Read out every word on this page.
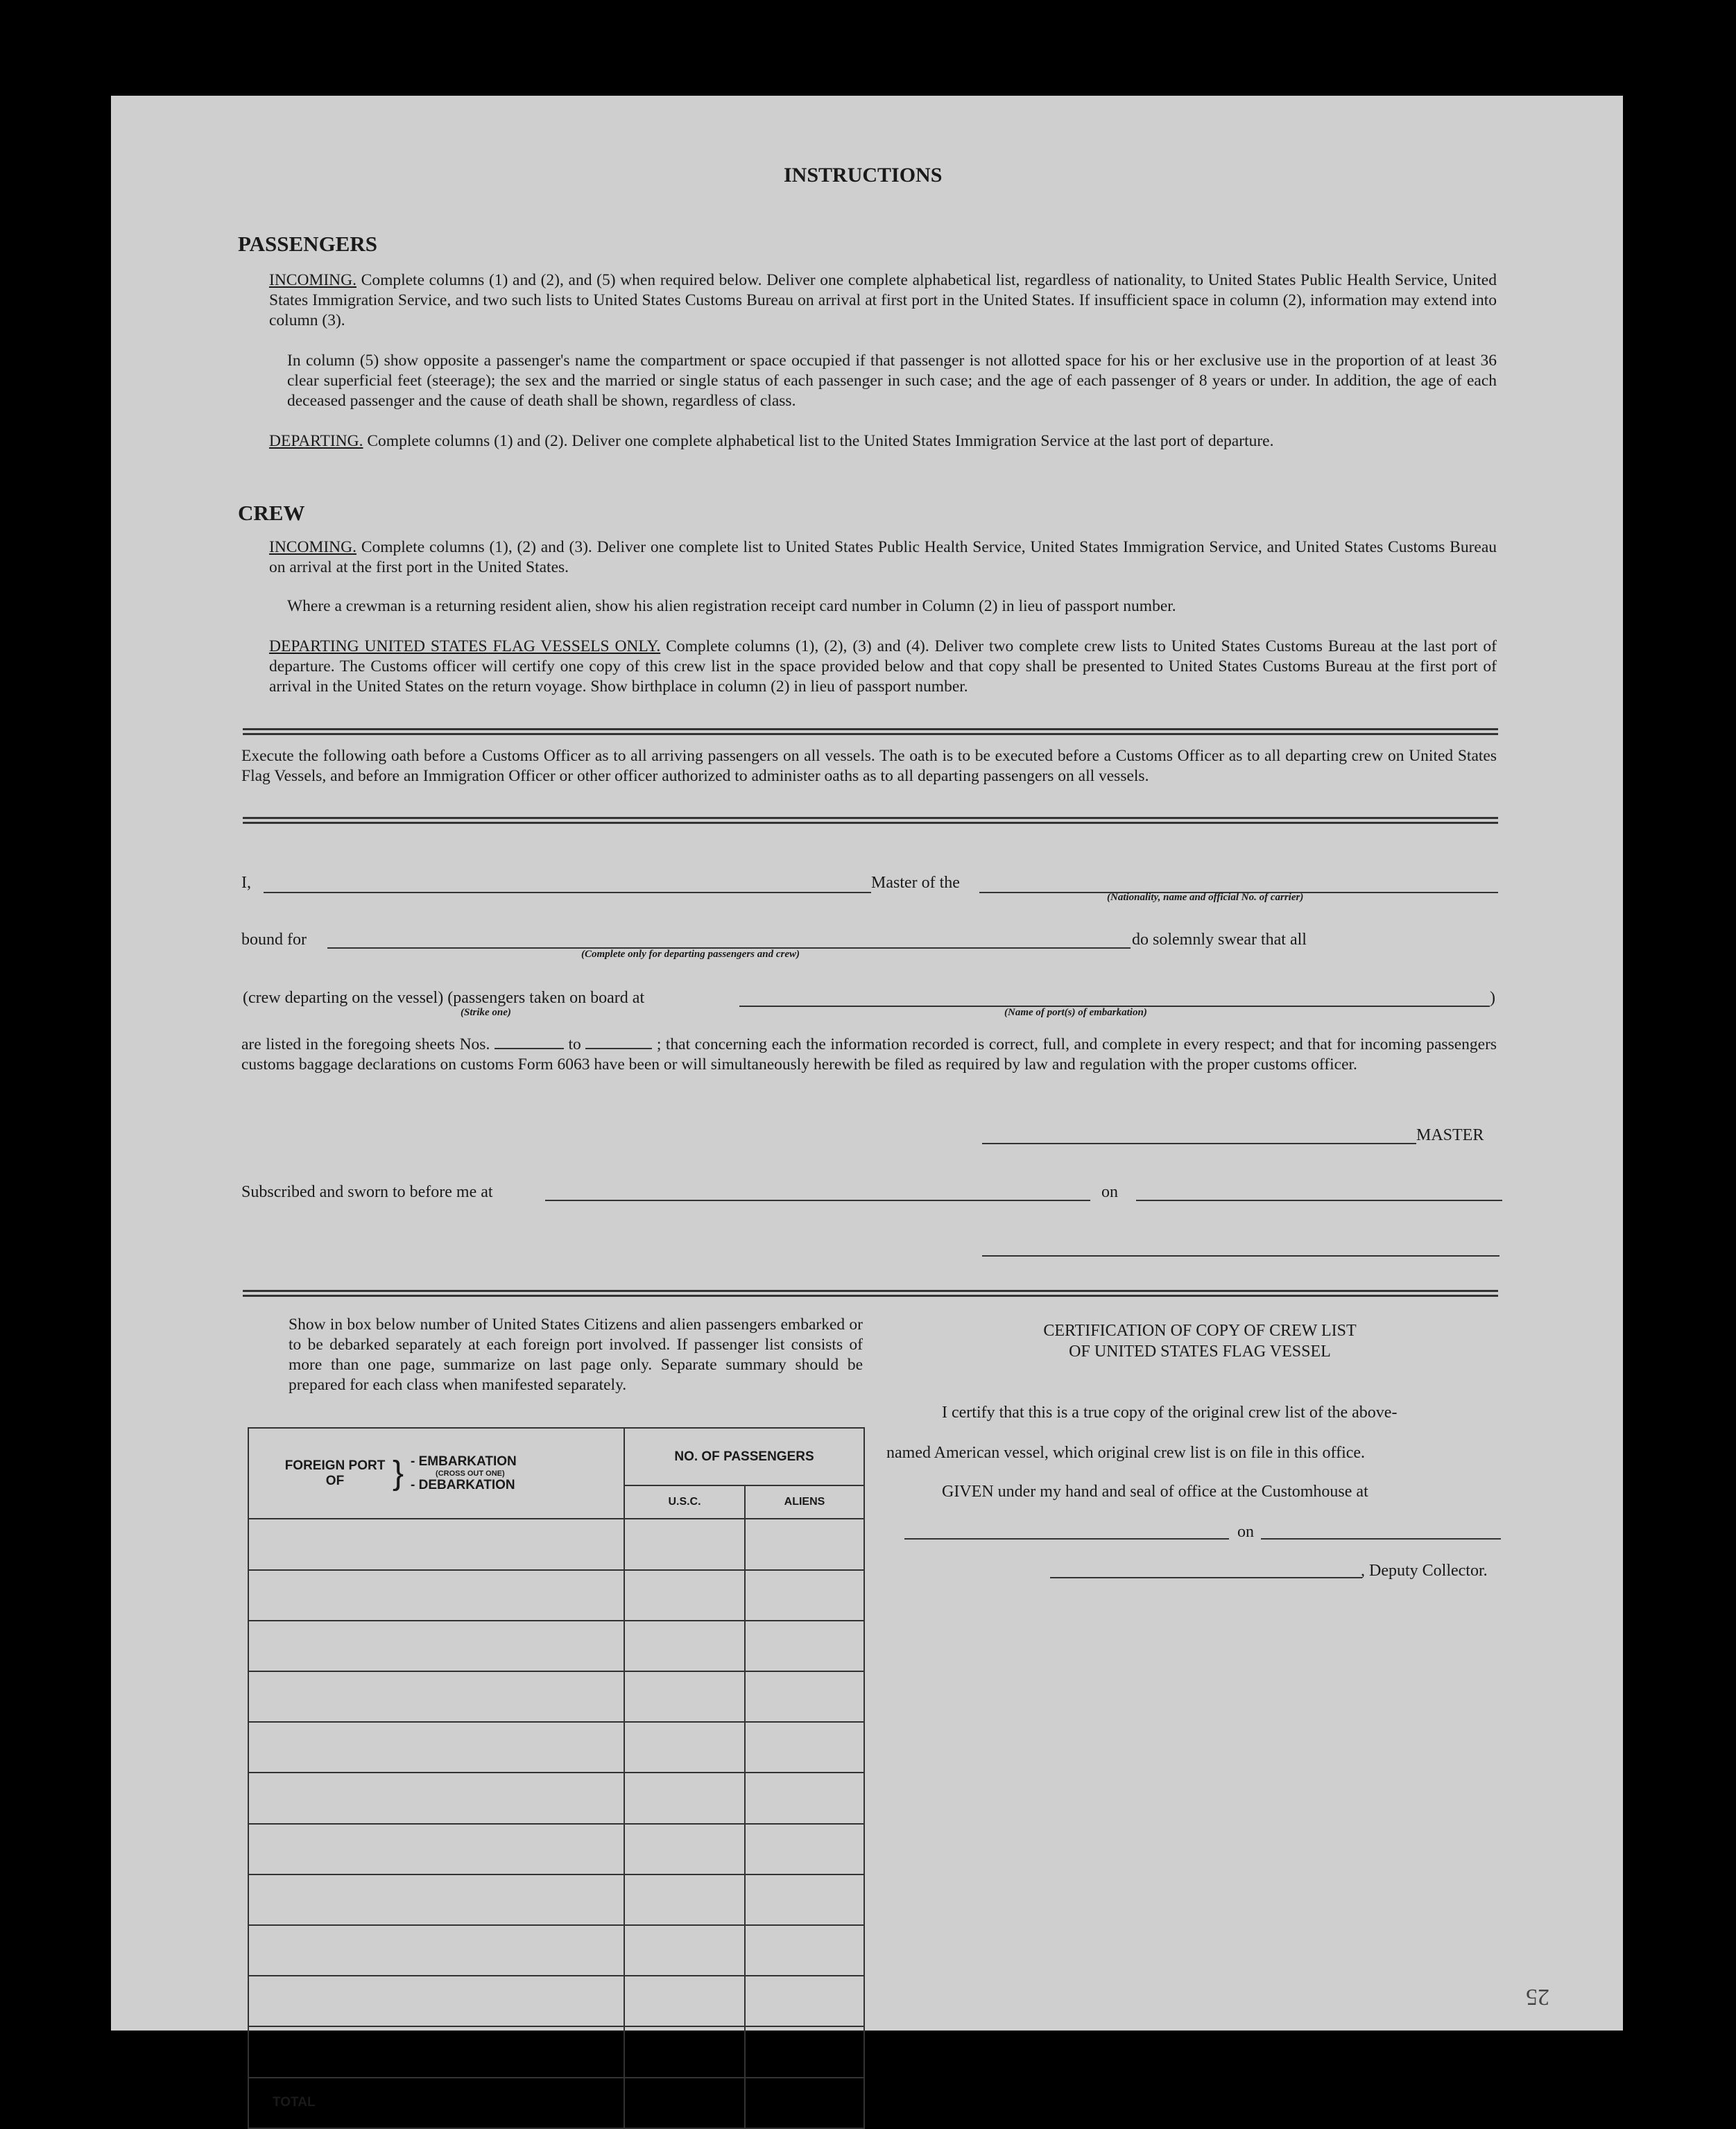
INSTRUCTIONS
PASSENGERS
INCOMING. Complete columns (1) and (2), and (5) when required below. Deliver one complete alphabetical list, regardless of nationality, to United States Public Health Service, United States Immigration Service, and two such lists to United States Customs Bureau on arrival at first port in the United States. If insufficient space in column (2), information may extend into column (3).
In column (5) show opposite a passenger's name the compartment or space occupied if that passenger is not allotted space for his or her exclusive use in the proportion of at least 36 clear superficial feet (steerage); the sex and the married or single status of each passenger in such case; and the age of each passenger of 8 years or under. In addition, the age of each deceased passenger and the cause of death shall be shown, regardless of class.
DEPARTING. Complete columns (1) and (2). Deliver one complete alphabetical list to the United States Immigration Service at the last port of departure.
CREW
INCOMING. Complete columns (1), (2) and (3). Deliver one complete list to United States Public Health Service, United States Immigration Service, and United States Customs Bureau on arrival at the first port in the United States.
Where a crewman is a returning resident alien, show his alien registration receipt card number in Column (2) in lieu of passport number.
DEPARTING UNITED STATES FLAG VESSELS ONLY. Complete columns (1), (2), (3) and (4). Deliver two complete crew lists to United States Customs Bureau at the last port of departure. The Customs officer will certify one copy of this crew list in the space provided below and that copy shall be presented to United States Customs Bureau at the first port of arrival in the United States on the return voyage. Show birthplace in column (2) in lieu of passport number.
Execute the following oath before a Customs Officer as to all arriving passengers on all vessels. The oath is to be executed before a Customs Officer as to all departing crew on United States Flag Vessels, and before an Immigration Officer or other officer authorized to administer oaths as to all departing passengers on all vessels.
I,	Master of the
(Nationality, name and official No. of carrier)
bound for	do solemnly swear that all
(Complete only for departing passengers and crew)
(crew departing on the vessel) (passengers taken on board at	)
(Strike one)	(Name of port(s) of embarkation)
are listed in the foregoing sheets Nos.	to	; that concerning each the information recorded is correct, full, and complete in every respect; and that for incoming passengers customs baggage declarations on customs Form 6063 have been or will simultaneously herewith be filed as required by law and regulation with the proper customs officer.
MASTER
Subscribed and sworn to before me at	on
Show in box below number of United States Citizens and alien passengers embarked or to be debarked separately at each foreign port involved. If passenger list consists of more than one page, summarize on last page only. Separate summary should be prepared for each class when manifested separately.
FOREIGN PORT OF } - EMBARKATION
(CROSS OUT ONE)
- DEBARKATION	NO. OF PASSENGERS	
	U.S.C.	ALIENS

TOTAL		
CERTIFICATION OF COPY OF CREW LIST
OF UNITED STATES FLAG VESSEL
I certify that this is a true copy of the original crew list of the above-
named American vessel, which original crew list is on file in this office.
GIVEN under my hand and seal of office at the Customhouse at
on
, Deputy Collector.
25
